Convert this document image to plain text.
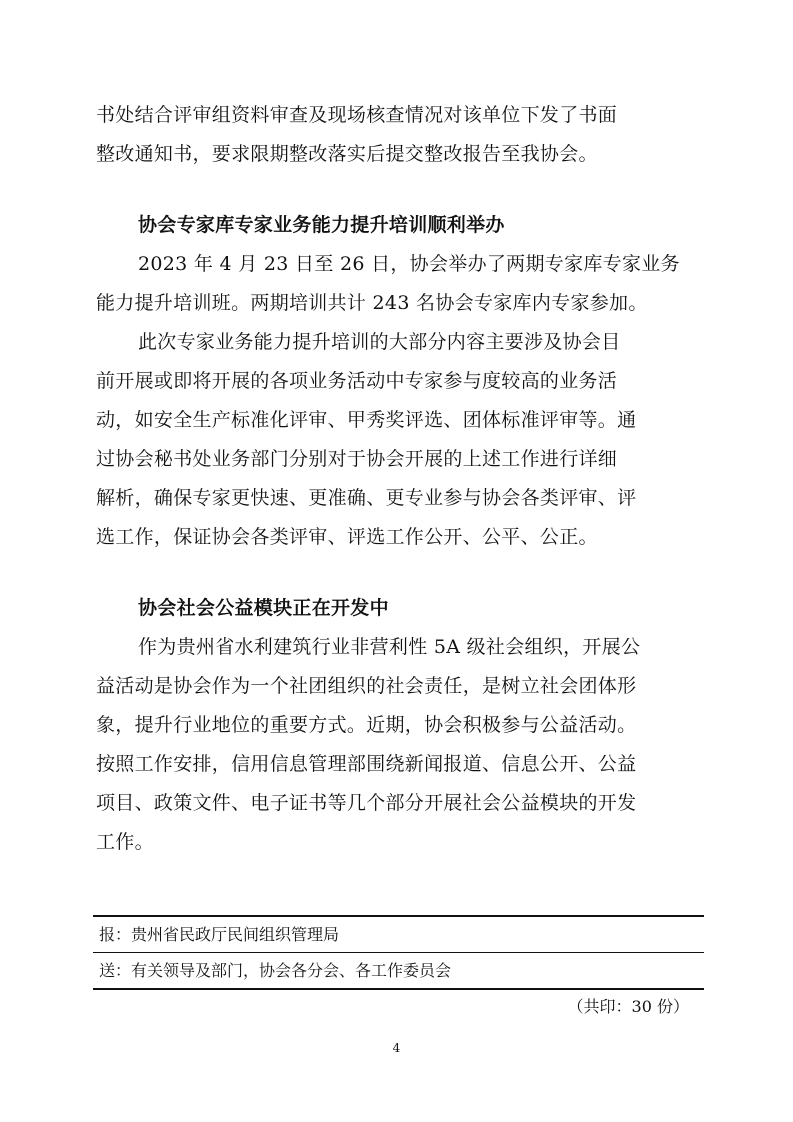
书处结合评审组资料审查及现场核查情况对该单位下发了书面
整改通知书，要求限期整改落实后提交整改报告至我协会。
协会专家库专家业务能力提升培训顺利举办
2023 年 4 月 23 日至 26 日，协会举办了两期专家库专家业务
能力提升培训班。两期培训共计 243 名协会专家库内专家参加。
此次专家业务能力提升培训的大部分内容主要涉及协会目
前开展或即将开展的各项业务活动中专家参与度较高的业务活
动，如安全生产标准化评审、甲秀奖评选、团体标准评审等。通
过协会秘书处业务部门分别对于协会开展的上述工作进行详细
解析，确保专家更快速、更准确、更专业参与协会各类评审、评
选工作，保证协会各类评审、评选工作公开、公平、公正。
协会社会公益模块正在开发中
作为贵州省水利建筑行业非营利性 5A 级社会组织，开展公
益活动是协会作为一个社团组织的社会责任，是树立社会团体形
象，提升行业地位的重要方式。近期，协会积极参与公益活动。
按照工作安排，信用信息管理部围绕新闻报道、信息公开、公益
项目、政策文件、电子证书等几个部分开展社会公益模块的开发
工作。
报：贵州省民政厅民间组织管理局
送：有关领导及部门，协会各分会、各工作委员会
（共印：30 份）
4
